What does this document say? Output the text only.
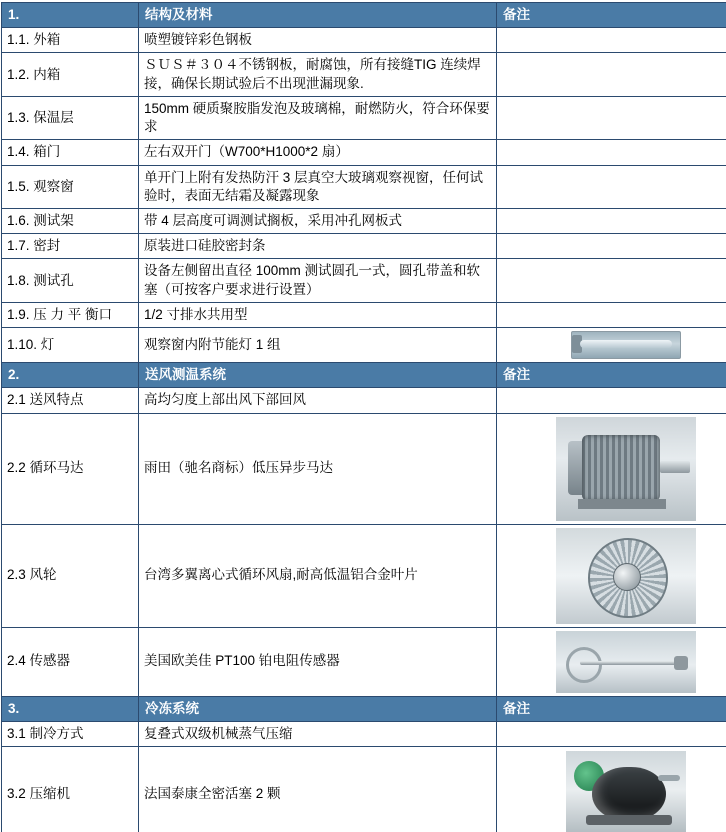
1.	结构及材料	备注
1.1. 外箱	喷塑镀锌彩色钢板	
1.2. 内箱	ＳＵＳ＃３０４不锈钢板，耐腐蚀，所有接缝TIG 连续焊接，确保长期试验后不出现泄漏现象.	
1.3. 保温层	150mm 硬质聚胺脂发泡及玻璃棉，耐燃防火，符合环保要求	
1.4. 箱门	左右双开门（W700*H1000*2 扇）	
1.5. 观察窗	单开门上附有发热防汗 3 层真空大玻璃观察视窗，任何试验时，表面无结霜及凝露现象	
1.6. 测试架	带 4 层高度可调测试搁板，采用冲孔网板式	
1.7. 密封	原装进口硅胶密封条	
1.8. 测试孔	设备左侧留出直径 100mm 测试圆孔一式，圆孔带盖和软塞（可按客户要求进行设置）	
1.9. 压 力 平 衡口	1/2 寸排水共用型	
1.10. 灯	观察窗内附节能灯 1 组	
2.	送风测温系统	备注
2.1 送风特点	高均匀度上部出风下部回风	
2.2 循环马达	雨田（驰名商标）低压异步马达	

2.3 风轮	台湾多翼离心式循环风扇,耐高低温铝合金叶片	

2.4 传感器	美国欧美佳 PT100 铂电阻传感器	

3.	冷冻系统	备注
3.1 制冷方式	复叠式双级机械蒸气压缩	
3.2 压缩机	法国泰康全密活塞 2 颗	
